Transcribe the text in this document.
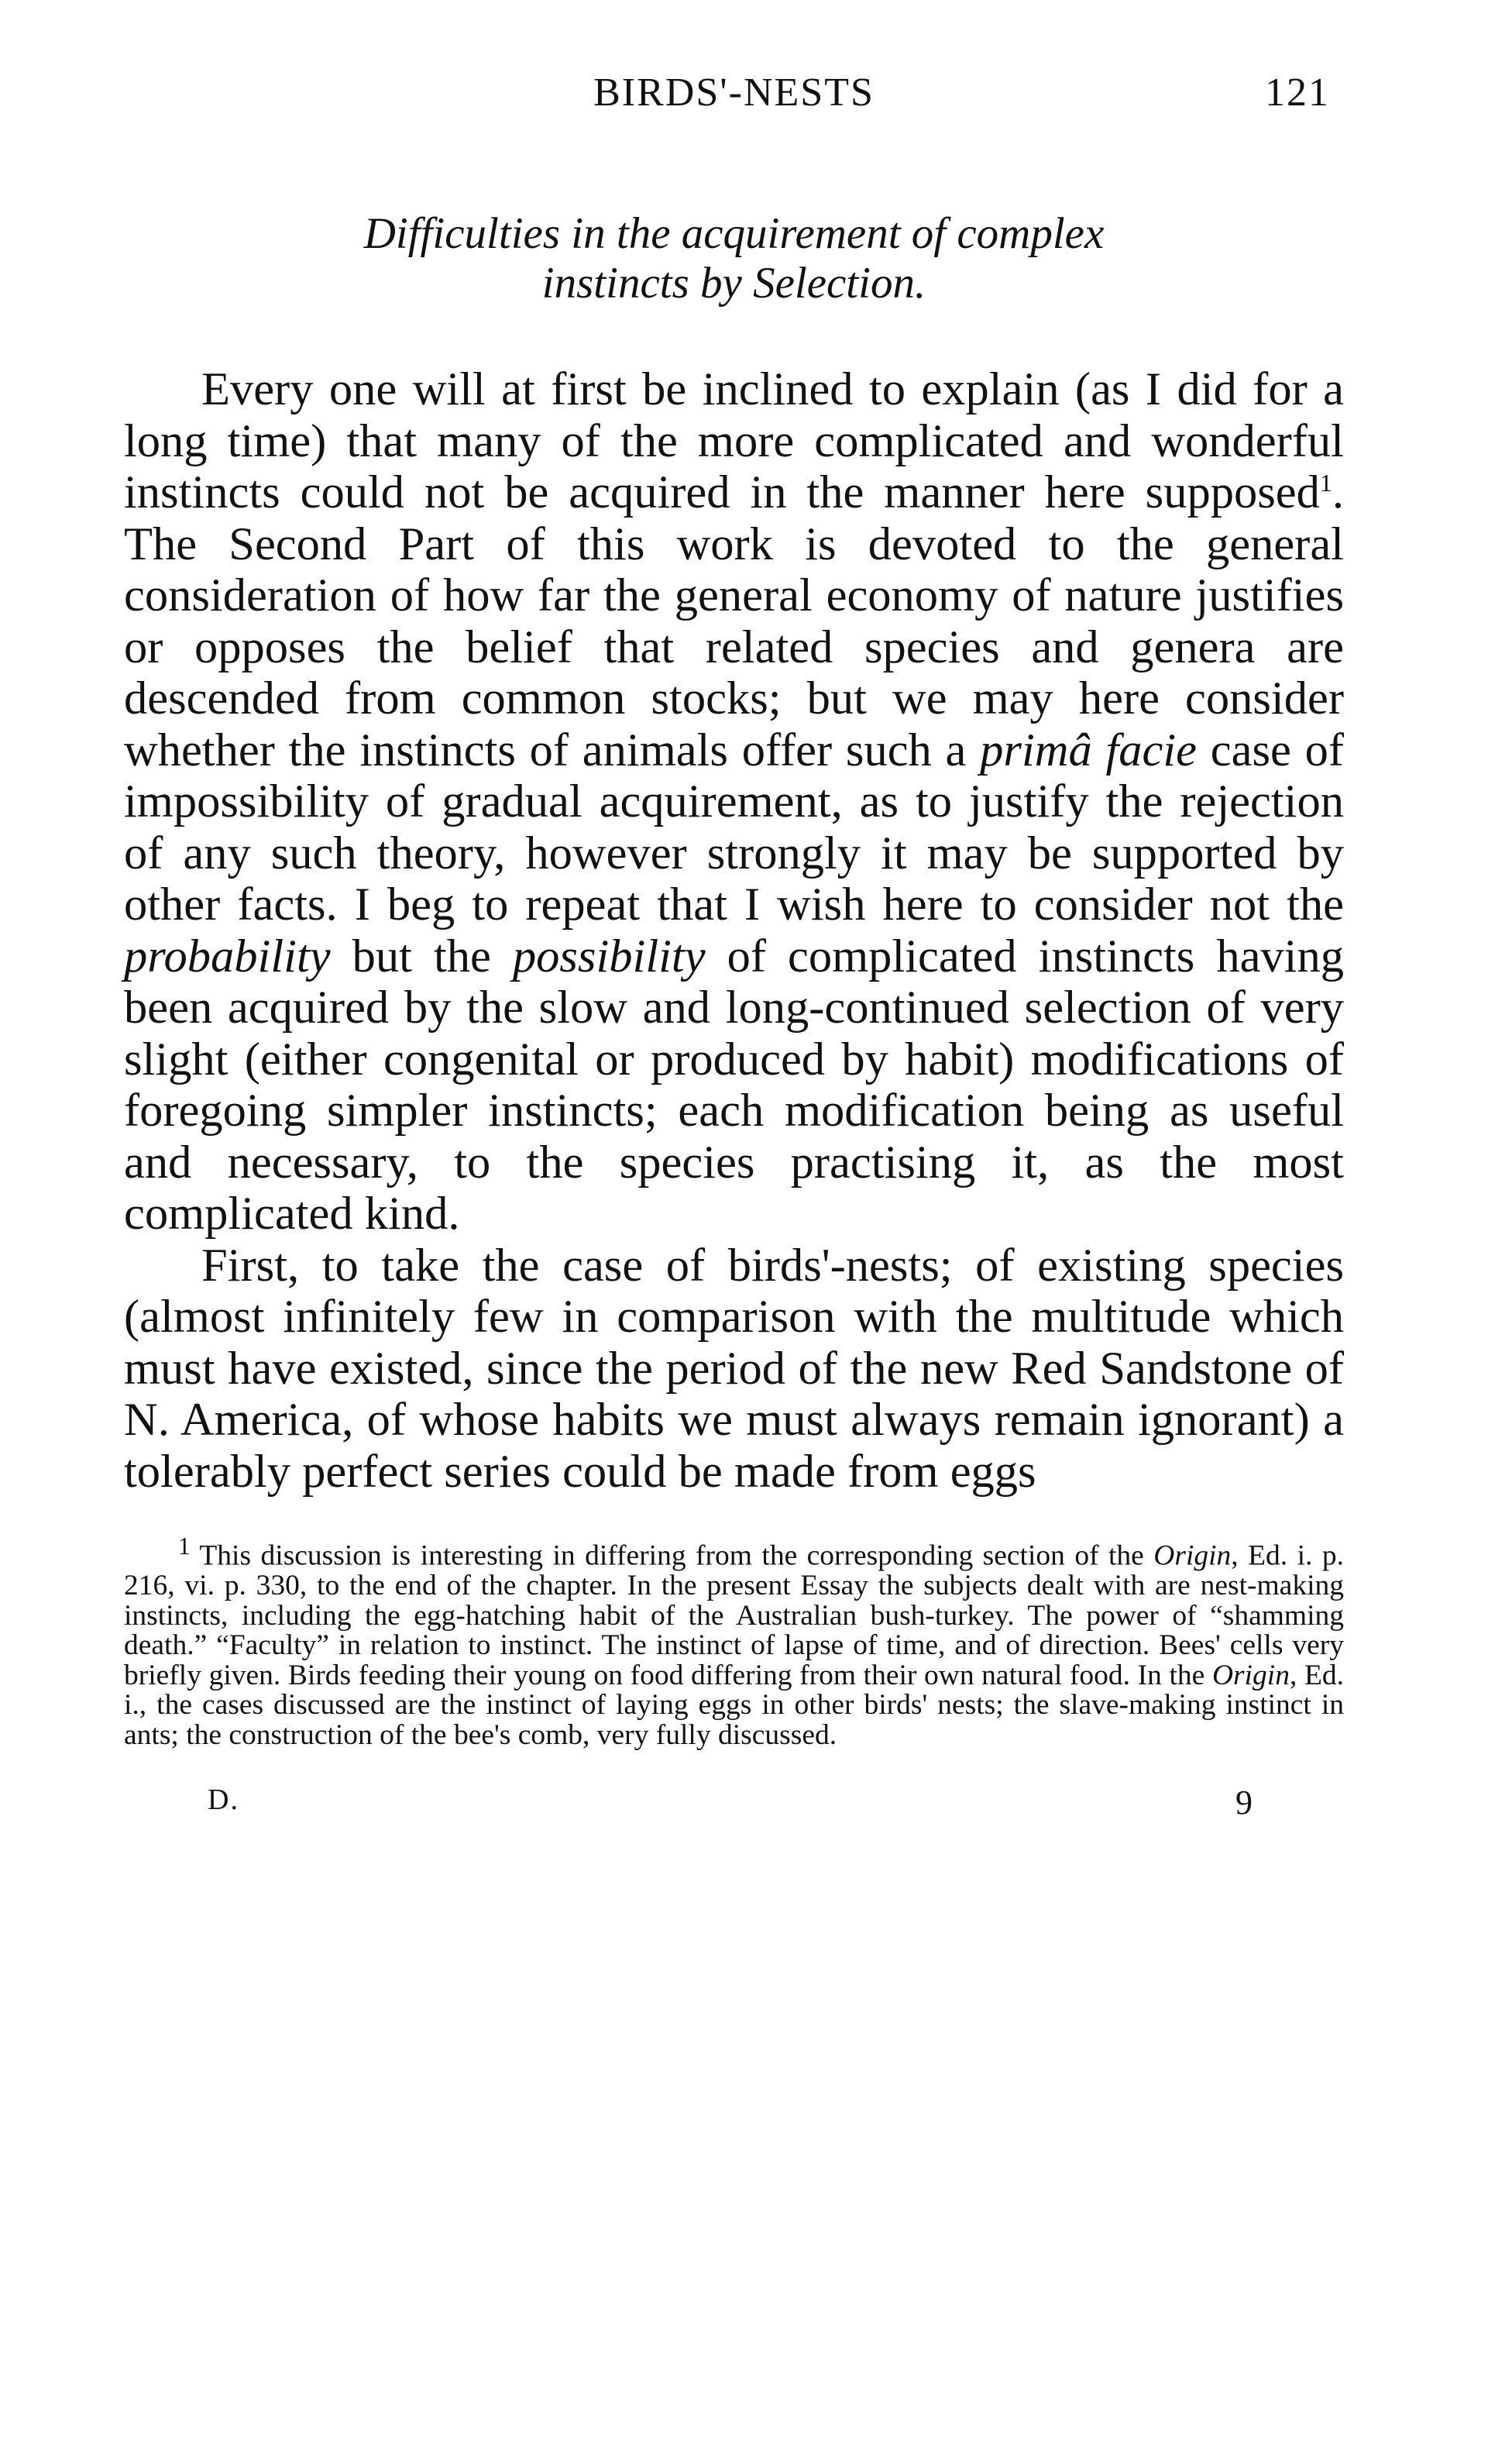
BIRDS'-NESTS	121
Difficulties in the acquirement of complex
instincts by Selection.

Every one will at first be inclined to explain (as I did for a long time) that many of the more complicated and wonderful instincts could not be acquired in the manner here supposed$^1$. The Second Part of this work is devoted to the general consideration of how far the general economy of nature justifies or opposes the belief that related species and genera are descended from common stocks; but we may here consider whether the instincts of animals offer such a primâ facie case of impossibility of gradual acquirement, as to justify the rejection of any such theory, however strongly it may be supported by other facts. I beg to repeat that I wish here to consider not the probability but the possibility of complicated instincts having been acquired by the slow and long-continued selection of very slight (either congenital or produced by habit) modifications of foregoing simpler instincts; each modification being as useful and necessary, to the species practising it, as the most complicated kind.

First, to take the case of birds'-nests; of existing species (almost infinitely few in comparison with the multitude which must have existed, since the period of the new Red Sandstone of N. America, of whose habits we must always remain ignorant) a tolerably perfect series could be made from eggs

$^1$ This discussion is interesting in differing from the corresponding section of the Origin, Ed. i. p. 216, vi. p. 330, to the end of the chapter. In the present Essay the subjects dealt with are nest-making instincts, including the egg-hatching habit of the Australian bush-turkey. The power of “shamming death.” “Faculty” in relation to instinct. The instinct of lapse of time, and of direction. Bees' cells very briefly given. Birds feeding their young on food differing from their own natural food. In the Origin, Ed. i., the cases discussed are the instinct of laying eggs in other birds' nests; the slave-making instinct in ants; the construction of the bee's comb, very fully discussed.
D.	9
